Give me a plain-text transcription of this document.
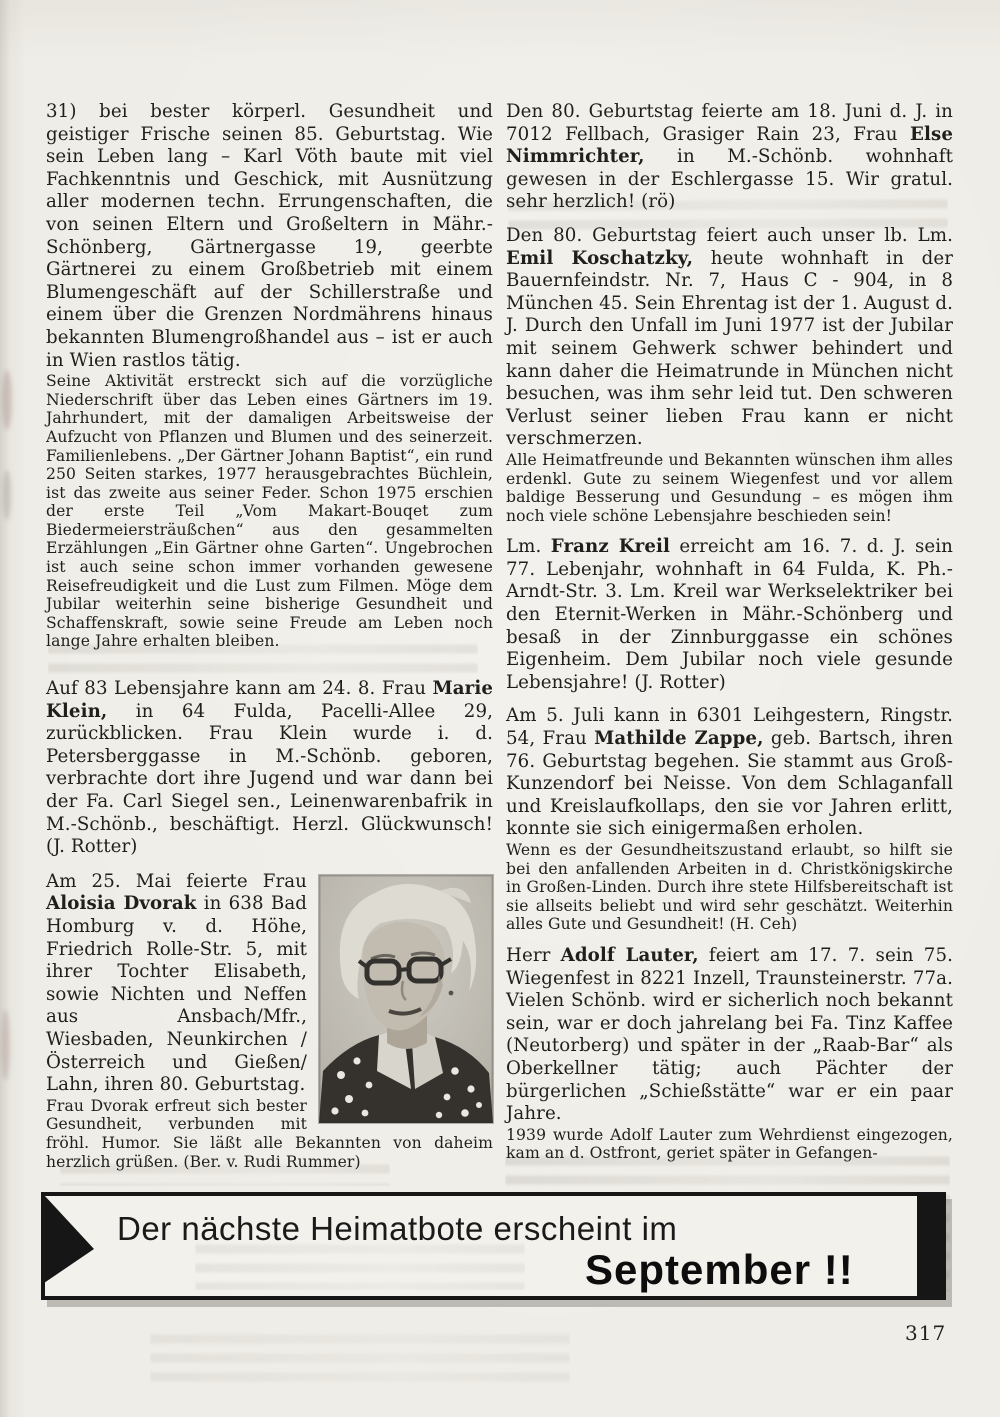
31) bei bester körperl. Gesundheit und geistiger Frische seinen 85. Geburtstag. Wie sein Leben lang – Karl Vöth baute mit viel Fachkenntnis und Geschick, mit Ausnützung aller modernen techn. Errungenschaften, die von seinen Eltern und Großeltern in Mähr.-Schönberg, Gärtnergasse 19, geerbte Gärtnerei zu einem Großbetrieb mit einem Blumengeschäft auf der Schillerstraße und einem über die Grenzen Nordmährens hinaus bekannten Blumengroßhandel aus – ist er auch in Wien rastlos tätig.

Seine Aktivität erstreckt sich auf die vorzügliche Niederschrift über das Leben eines Gärtners im 19. Jahrhundert, mit der damaligen Arbeitsweise der Aufzucht von Pflanzen und Blumen und des seinerzeit. Familienlebens. „Der Gärtner Johann Baptist“, ein rund 250 Seiten starkes, 1977 herausgebrachtes Büchlein, ist das zweite aus seiner Feder. Schon 1975 erschien der erste Teil „Vom Makart-Bouqet zum Biedermeiersträußchen“ aus den gesammelten Erzählungen „Ein Gärtner ohne Garten“. Ungebrochen ist auch seine schon immer vorhanden gewesene Reisefreudigkeit und die Lust zum Filmen. Möge dem Jubilar weiterhin seine bisherige Gesundheit und Schaffenskraft, sowie seine Freude am Leben noch lange Jahre erhalten bleiben.

Auf 83 Lebensjahre kann am 24. 8. Frau Marie Klein, in 64 Fulda, Pacelli-Allee 29, zurückblicken. Frau Klein wurde i. d. Petersberggasse in M.-Schönb. geboren, verbrachte dort ihre Jugend und war dann bei der Fa. Carl Siegel sen., Leinenwarenbafrik in M.-Schönb., beschäftigt. Herzl. Glückwunsch! (J. Rotter)

Am 25. Mai feierte Frau Aloisia Dvorak in 638 Bad Homburg v. d. Höhe, Friedrich Rolle-Str. 5, mit ihrer Tochter Elisabeth, sowie Nichten und Neffen aus Ansbach/Mfr., Wiesbaden, Neunkirchen /Österreich und Gießen/ Lahn, ihren 80. Geburtstag.

Frau Dvorak erfreut sich bester Gesundheit, verbunden mit fröhl. Humor. Sie läßt alle Bekannten von daheim herzlich grüßen. (Ber. v. Rudi Rummer)

Den 80. Geburtstag feierte am 18. Juni d. J. in 7012 Fellbach, Grasiger Rain 23, Frau Else Nimmrichter, in M.-Schönb. wohnhaft gewesen in der Eschlergasse 15. Wir gratul. sehr herzlich! (rö)

Den 80. Geburtstag feiert auch unser lb. Lm. Emil Koschatzky, heute wohnhaft in der Bauernfeindstr. Nr. 7, Haus C - 904, in 8 München 45. Sein Ehrentag ist der 1. August d. J. Durch den Unfall im Juni 1977 ist der Jubilar mit seinem Gehwerk schwer behindert und kann daher die Heimatrunde in München nicht besuchen, was ihm sehr leid tut. Den schweren Verlust seiner lieben Frau kann er nicht verschmerzen.

Alle Heimatfreunde und Bekannten wünschen ihm alles erdenkl. Gute zu seinem Wiegenfest und vor allem baldige Besserung und Gesundung – es mögen ihm noch viele schöne Lebensjahre beschieden sein!

Lm. Franz Kreil erreicht am 16. 7. d. J. sein 77. Lebenjahr, wohnhaft in 64 Fulda, K. Ph.-Arndt-Str. 3. Lm. Kreil war Werkselektriker bei den Eternit-Werken in Mähr.-Schönberg und besaß in der Zinnburggasse ein schönes Eigenheim. Dem Jubilar noch viele gesunde Lebensjahre! (J. Rotter)

Am 5. Juli kann in 6301 Leihgestern, Ringstr. 54, Frau Mathilde Zappe, geb. Bartsch, ihren 76. Geburtstag begehen. Sie stammt aus Groß-Kunzendorf bei Neisse. Von dem Schlaganfall und Kreislaufkollaps, den sie vor Jahren erlitt, konnte sie sich einigermaßen erholen.

Wenn es der Gesundheitszustand erlaubt, so hilft sie bei den anfallenden Arbeiten in d. Christkönigskirche in Großen-Linden. Durch ihre stete Hilfsbereitschaft ist sie allseits beliebt und wird sehr geschätzt. Weiterhin alles Gute und Gesundheit! (H. Ceh)

Herr Adolf Lauter, feiert am 17. 7. sein 75. Wiegenfest in 8221 Inzell, Traunsteinerstr. 77a. Vielen Schönb. wird er sicherlich noch bekannt sein, war er doch jahrelang bei Fa. Tinz Kaffee (Neutorberg) und später in der „Raab-Bar“ als Oberkellner tätig; auch Pächter der bürgerlichen „Schießstätte“ war er ein paar Jahre.

1939 wurde Adolf Lauter zum Wehrdienst eingezogen, kam an d. Ostfront, geriet später in Gefangen-

Der nächste Heimatbote erscheint im
September !!
317
